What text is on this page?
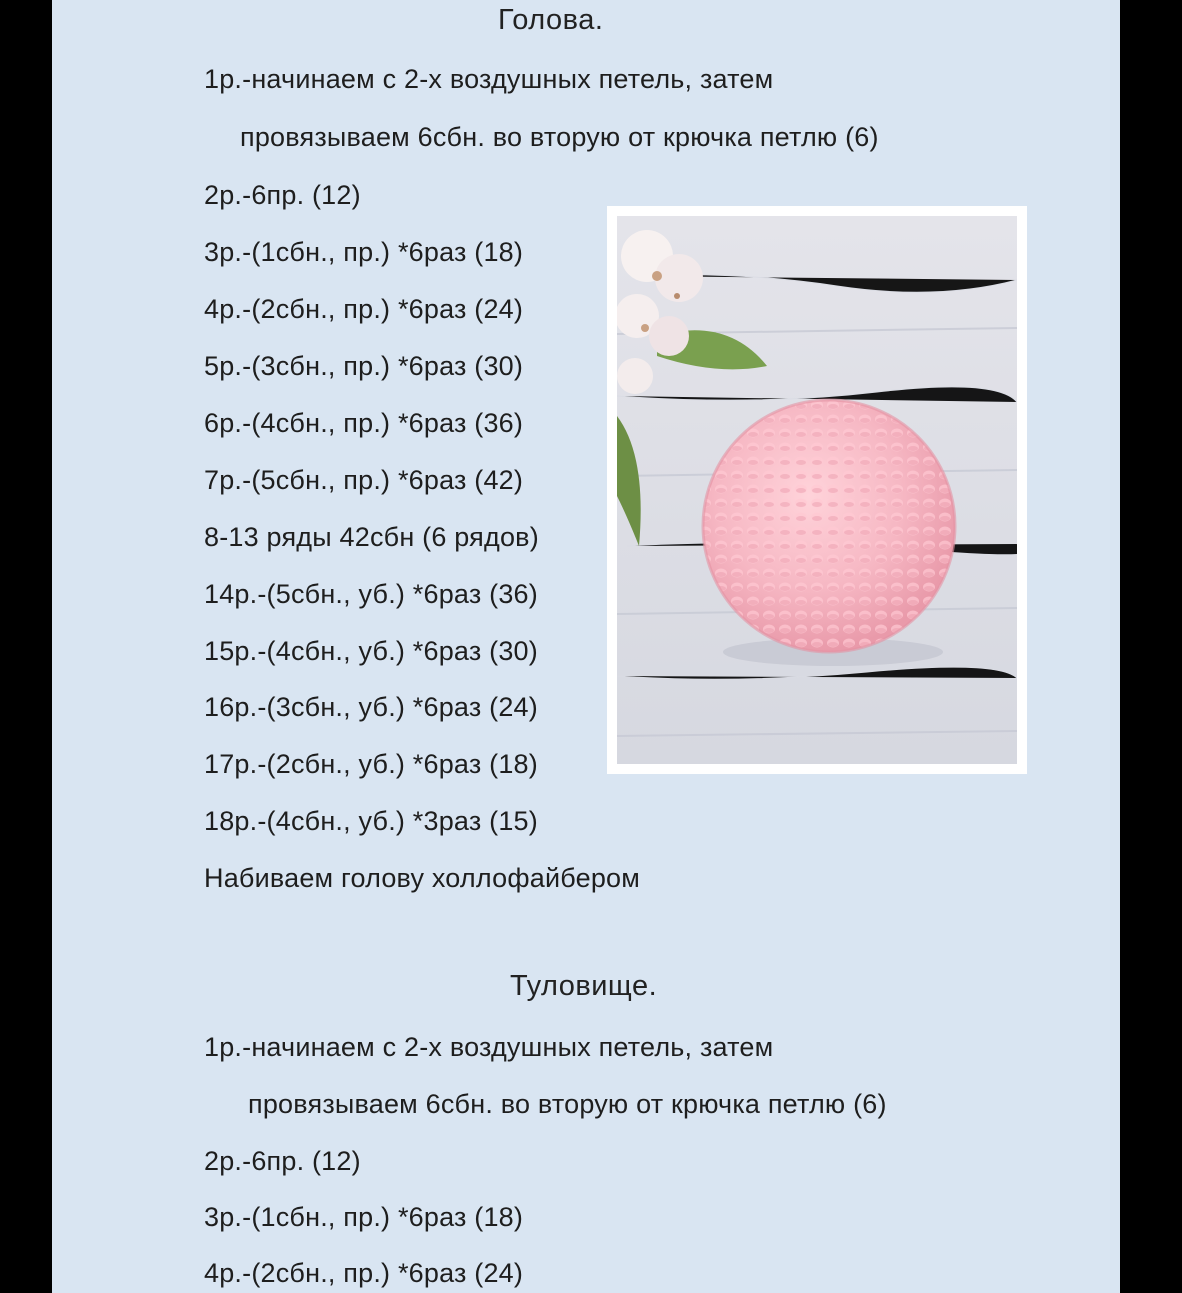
Голова.
1р.-начинаем с 2-х воздушных петель, затем
провязываем 6сбн. во вторую от крючка петлю (6)
2р.-6пр. (12)
3р.-(1сбн., пр.) *6раз (18)
4р.-(2сбн., пр.) *6раз (24)
5р.-(3сбн., пр.) *6раз (30)
6р.-(4сбн., пр.) *6раз (36)
7р.-(5сбн., пр.) *6раз (42)
8-13 ряды 42сбн (6 рядов)
14р.-(5сбн., уб.) *6раз (36)
15р.-(4сбн., уб.) *6раз (30)
16р.-(3сбн., уб.) *6раз (24)
17р.-(2сбн., уб.) *6раз (18)
18р.-(4сбн., уб.) *3раз (15)
Набиваем голову холлофайбером
Туловище.
1р.-начинаем с 2-х воздушных петель, затем
провязываем 6сбн. во вторую от крючка петлю (6)
2р.-6пр. (12)
3р.-(1сбн., пр.) *6раз (18)
4р.-(2сбн., пр.) *6раз (24)
